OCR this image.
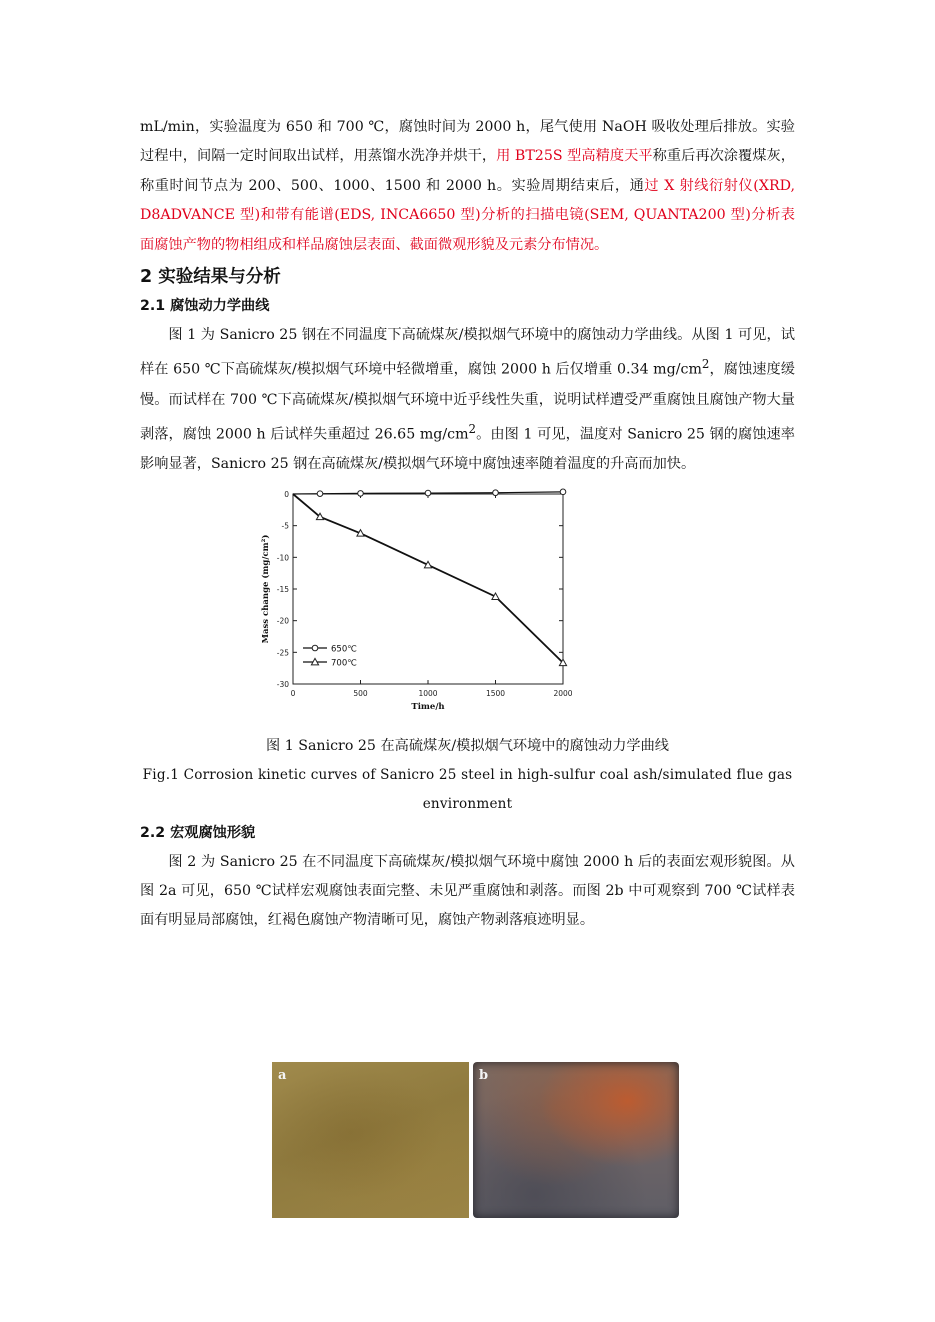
mL/min，实验温度为 650 和 700 ℃，腐蚀时间为 2000 h，尾气使用 NaOH 吸收处理后排放。实验过程中，间隔一定时间取出试样，用蒸馏水洗净并烘干，用 BT25S 型高精度天平称重后再次涂覆煤灰，称重时间节点为 200、500、1000、1500 和 2000 h。实验周期结束后，通过 X 射线衍射仪(XRD, D8ADVANCE 型)和带有能谱(EDS, INCA6650 型)分析的扫描电镜(SEM, QUANTA200 型)分析表面腐蚀产物的物相组成和样品腐蚀层表面、截面微观形貌及元素分布情况。

2 实验结果与分析
2.1 腐蚀动力学曲线

图 1 为 Sanicro 25 钢在不同温度下高硫煤灰/模拟烟气环境中的腐蚀动力学曲线。从图 1 可见，试样在 650 ℃下高硫煤灰/模拟烟气环境中轻微增重，腐蚀 2000 h 后仅增重 0.34 $mg/cm^2$，腐蚀速度缓慢。而试样在 700 ℃下高硫煤灰/模拟烟气环境中近乎线性失重，说明试样遭受严重腐蚀且腐蚀产物大量剥落，腐蚀 2000 h 后试样失重超过 26.65 $mg/cm^2$。由图 1 可见，温度对 Sanicro 25 钢的腐蚀速率影响显著，Sanicro 25 钢在高硫煤灰/模拟烟气环境中腐蚀速率随着温度的升高而加快。

0	500	1000	1500	2000
0
-5
-10
-15
-20
-25
-30
Time/h
Mass change (mg/cm²)
650℃
700℃
图 1 Sanicro 25 在高硫煤灰/模拟烟气环境中的腐蚀动力学曲线
Fig.1 Corrosion kinetic curves of Sanicro 25 steel in high-sulfur coal ash/simulated flue gas environment
2.2 宏观腐蚀形貌

图 2 为 Sanicro 25 在不同温度下高硫煤灰/模拟烟气环境中腐蚀 2000 h 后的表面宏观形貌图。从图 2a 可见，650 ℃试样宏观腐蚀表面完整、未见严重腐蚀和剥落。而图 2b 中可观察到 700 ℃试样表面有明显局部腐蚀，红褐色腐蚀产物清晰可见，腐蚀产物剥落痕迹明显。

a	b
